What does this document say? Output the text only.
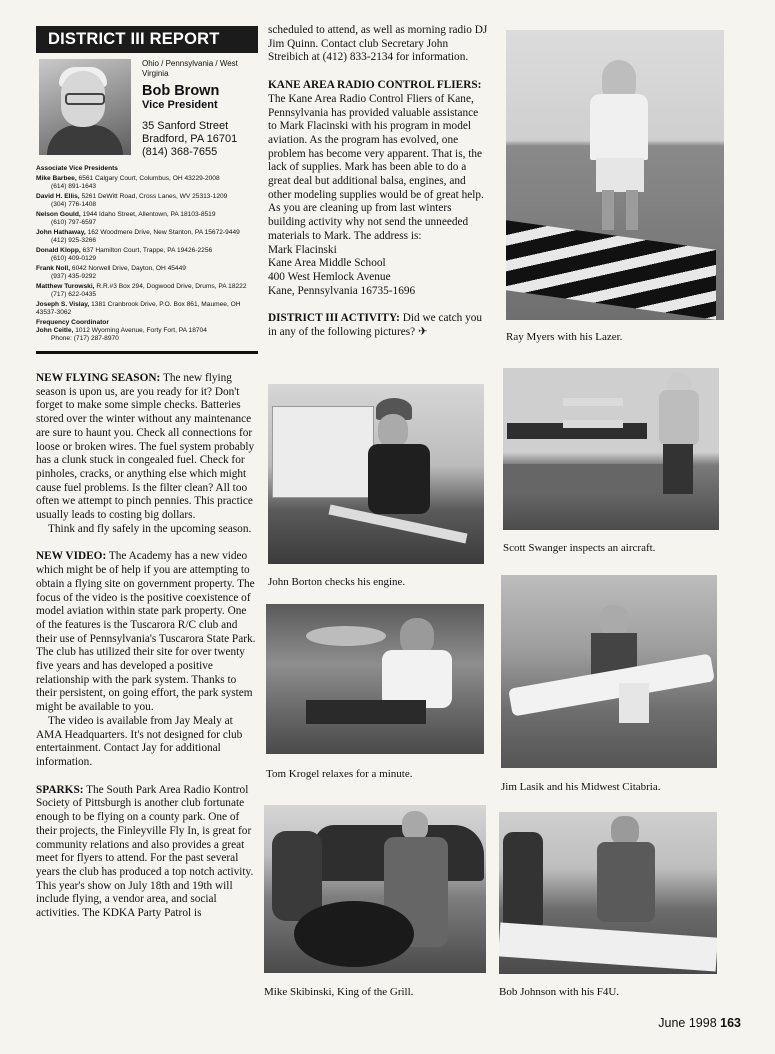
DISTRICT III REPORT
Ohio / Pennsylvania / West Virginia
Bob Brown
Vice President
35 Sanford Street
Bradford, PA 16701
(814) 368-7655
Associate Vice Presidents
Mike Barbee, 6561 Calgary Court, Columbus, OH 43229-2008
(614) 891-1643
David H. Ellis, 5261 DeWitt Road, Cross Lanes, WV 25313-1209
(304) 776-1408
Nelson Gould, 1944 Idaho Street, Allentown, PA 18103-8519
(610) 797-6597
John Hathaway, 162 Woodmere Drive, New Stanton, PA 15672-9449
(412) 925-3266
Donald Klopp, 637 Hamilton Court, Trappe, PA 19426-2256
(610) 409-0129
Frank Noll, 6042 Norwell Drive, Dayton, OH 45449
(937) 435-9292
Matthew Turowski, R.R.#3 Box 294, Dogwood Drive, Drums, PA 18222
(717) 622-0435
Joseph S. Vislay, 1381 Cranbrook Drive, P.O. Box 861, Maumee, OH 43537-3062
Frequency Coordinator
John Ceitle, 1012 Wyoming Avenue, Forty Fort, PA 18704
Phone: (717) 287-8970

NEW FLYING SEASON: The new flying season is upon us, are you ready for it? Don't forget to make some simple checks. Batteries stored over the winter without any maintenance are sure to haunt you. Check all connections for loose or broken wires. The fuel system probably has a clunk stuck in congealed fuel. Check for pinholes, cracks, or anything else which might cause fuel problems. Is the filter clean? All too often we attempt to pinch pennies. This practice usually leads to costing big dollars.

Think and fly safely in the upcoming season.

NEW VIDEO: The Academy has a new video which might be of help if you are attempting to obtain a flying site on government property. The focus of the video is the positive coexistence of model aviation within state park property. One of the features is the Tuscarora R/C club and their use of Pennsylvania's Tuscarora State Park. The club has utilized their site for over twenty five years and has developed a positive relationship with the park system. Thanks to their persistent, on going effort, the park system might be available to you.

The video is available from Jay Mealy at AMA Headquarters. It's not designed for club entertainment. Contact Jay for additional information.

SPARKS: The South Park Area Radio Kontrol Society of Pittsburgh is another club fortunate enough to be flying on a county park. One of their projects, the Finleyville Fly In, is great for community relations and also provides a great meet for flyers to attend. For the past several years the club has produced a top notch activity. This year's show on July 18th and 19th will include flying, a vendor area, and social activities. The KDKA Party Patrol is

scheduled to attend, as well as morning radio DJ Jim Quinn. Contact club Secretary John Streibich at (412) 833-2134 for information.

KANE AREA RADIO CONTROL FLIERS: The Kane Area Radio Control Fliers of Kane, Pennsylvania has provided valuable assistance to Mark Flacinski with his program in model aviation. As the program has evolved, one problem has become very apparent. That is, the lack of supplies. Mark has been able to do a great deal but additional balsa, engines, and other modeling supplies would be of great help. As you are cleaning up from last winters building activity why not send the unneeded materials to Mark. The address is:

Mark Flacinski
Kane Area Middle School
400 West Hemlock Avenue
Kane, Pennsylvania 16735-1696

DISTRICT III ACTIVITY: Did we catch you in any of the following pictures? ✈	Ray Myers with his Lazer.
John Borton checks his engine.
Scott Swanger inspects an aircraft.
Tom Krogel relaxes for a minute.
Jim Lasik and his Midwest Citabria.
Mike Skibinski, King of the Grill.	Bob Johnson with his F4U.
June 1998 163
